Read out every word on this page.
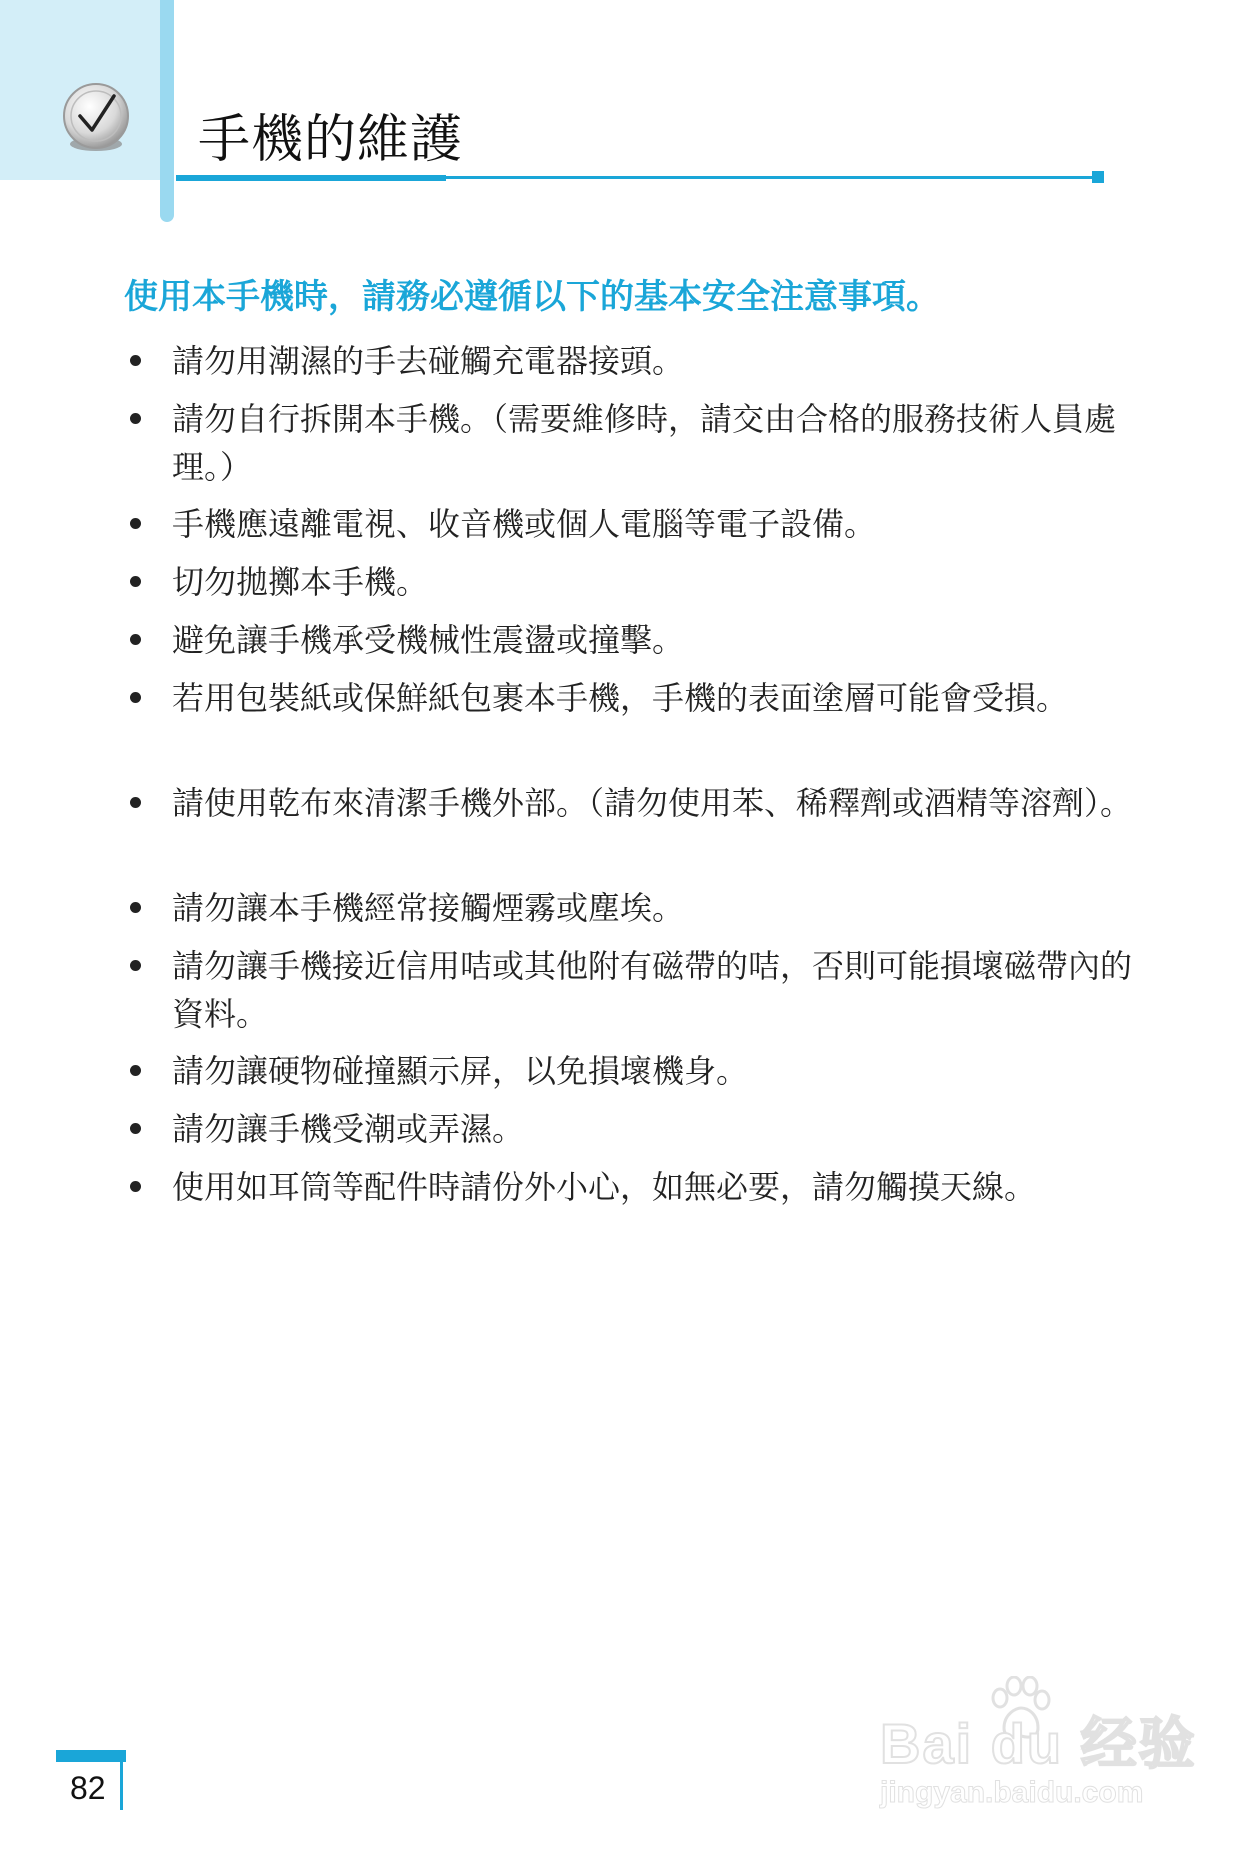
手機的維護
使用本手機時，請務必遵循以下的基本安全注意事項。
請勿用潮濕的手去碰觸充電器接頭。
請勿自行拆開本手機。（需要維修時，請交由合格的服務技術人員處理。）
手機應遠離電視、收音機或個人電腦等電子設備。
切勿拋擲本手機。
避免讓手機承受機械性震盪或撞擊。
若用包裝紙或保鮮紙包裹本手機，手機的表面塗層可能會受損。
請使用乾布來清潔手機外部。（請勿使用苯、稀釋劑或酒精等溶劑）。
請勿讓本手機經常接觸煙霧或塵埃。
請勿讓手機接近信用咭或其他附有磁帶的咭，否則可能損壞磁帶內的資料。
請勿讓硬物碰撞顯示屏，以免損壞機身。
請勿讓手機受潮或弄濕。
使用如耳筒等配件時請份外小心，如無必要，請勿觸摸天線。
82
Bai du 经验
jingyan.baidu.com
